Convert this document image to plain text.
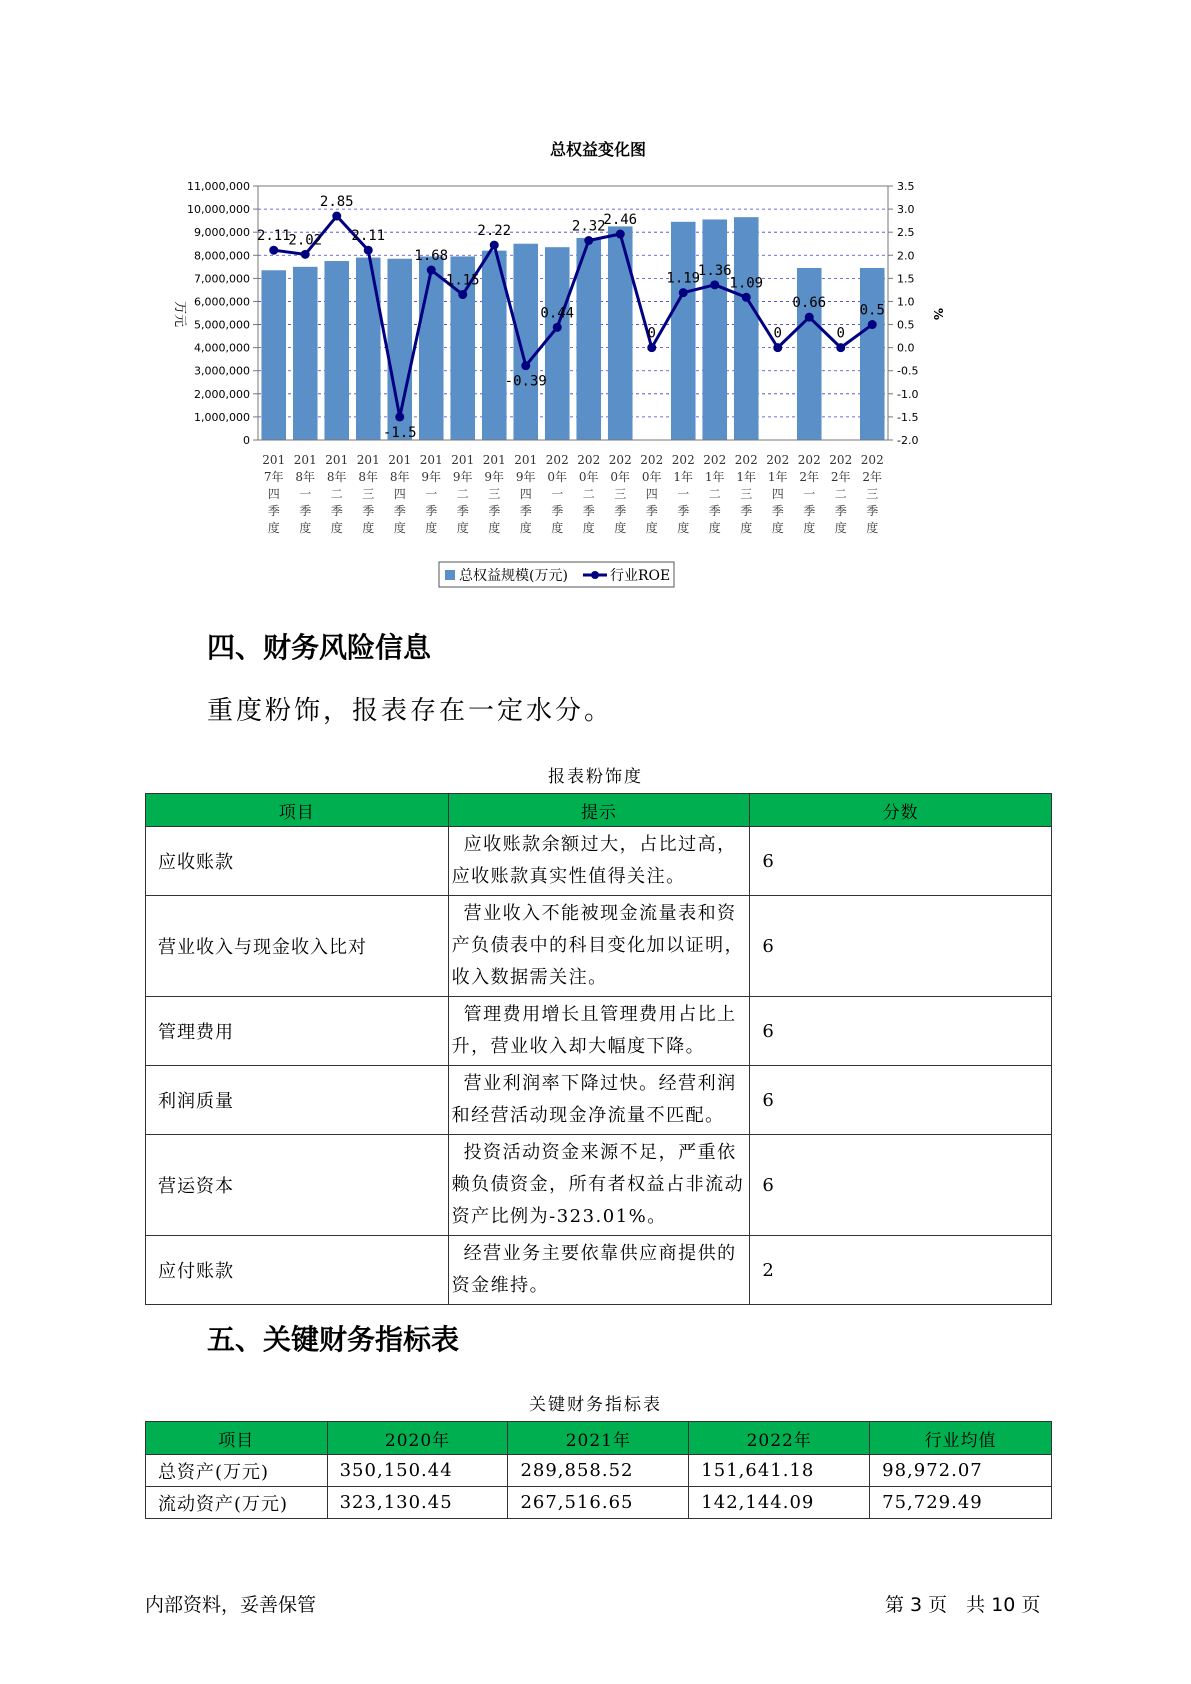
总权益变化图
0
1,000,000
2,000,000
3,000,000
4,000,000
5,000,000
6,000,000
7,000,000
8,000,000
9,000,000
10,000,000
11,000,000
-2.0
-1.5
-1.0
-0.5
0.0
0.5
1.0
1.5
2.0
2.5
3.0
3.5
万元	%
2.11
2.02
2.85
2.11
-1.5
1.68
1.15
2.22
-0.39
0.44
2.32
2.46
0
1.19
1.36
1.09
0
0.66
0
0.5
201 7年四季度
201 8年一季度
201 8年二季度
201 8年三季度
201 8年四季度
201 9年一季度
201 9年二季度
201 9年三季度
201 9年四季度
202 0年一季度
202 0年二季度
202 0年三季度
202 0年四季度
202 1年一季度
202 1年二季度
202 1年三季度
202 1年四季度
202 2年一季度
202 2年二季度
202 2年三季度
总权益规模(万元)	行业ROE
四、财务风险信息

重度粉饰，报表存在一定水分。

报表粉饰度
项目	提示	分数
应收账款	应收账款余额过大，占比过高，应收账款真实性值得关注。	6
营业收入与现金收入比对	营业收入不能被现金流量表和资产负债表中的科目变化加以证明，收入数据需关注。	6
管理费用	管理费用增长且管理费用占比上升，营业收入却大幅度下降。	6
利润质量	营业利润率下降过快。经营利润和经营活动现金净流量不匹配。	6
营运资本	投资活动资金来源不足，严重依赖负债资金，所有者权益占非流动资产比例为-323.01%。	6
应付账款	经营业务主要依靠供应商提供的资金维持。	2
五、关键财务指标表
关键财务指标表
项目	2020年	2021年	2022年	行业均值
总资产(万元)	350,150.44	289,858.52	151,641.18	98,972.07
流动资产(万元)	323,130.45	267,516.65	142,144.09	75,729.49
内部资料，妥善保管	第 3 页　共 10 页
